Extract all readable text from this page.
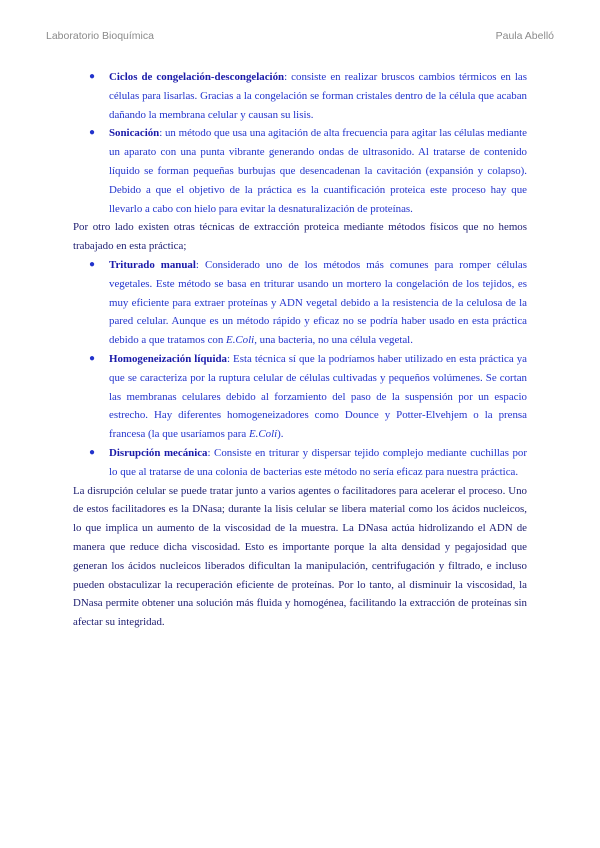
Laboratorio Bioquímica	Paula Abelló
● Ciclos de congelación-descongelación: consiste en realizar bruscos cambios térmicos en las células para lisarlas. Gracias a la congelación se forman cristales dentro de la célula que acaban dañando la membrana celular y causan su lisis.
● Sonicación: un método que usa una agitación de alta frecuencia para agitar las células mediante un aparato con una punta vibrante generando ondas de ultrasonido. Al tratarse de contenido líquido se forman pequeñas burbujas que desencadenan la cavitación (expansión y colapso). Debido a que el objetivo de la práctica es la cuantificación proteica este proceso hay que llevarlo a cabo con hielo para evitar la desnaturalización de proteínas.

Por otro lado existen otras técnicas de extracción proteica mediante métodos físicos que no hemos trabajado en esta práctica;

● Triturado manual: Considerado uno de los métodos más comunes para romper células vegetales. Este método se basa en triturar usando un mortero la congelación de los tejidos, es muy eficiente para extraer proteínas y ADN vegetal debido a la resistencia de la celulosa de la pared celular. Aunque es un método rápido y eficaz no se podría haber usado en esta práctica debido a que tratamos con E.Coli, una bacteria, no una célula vegetal.
● Homogeneización líquida: Esta técnica sí que la podríamos haber utilizado en esta práctica ya que se caracteriza por la ruptura celular de células cultivadas y pequeños volúmenes. Se cortan las membranas celulares debido al forzamiento del paso de la suspensión por un espacio estrecho. Hay diferentes homogeneizadores como Dounce y Potter-Elvehjem o la prensa francesa (la que usaríamos para E.Coli).
● Disrupción mecánica: Consiste en triturar y dispersar tejido complejo mediante cuchillas por lo que al tratarse de una colonia de bacterias este método no sería eficaz para nuestra práctica.

La disrupción celular se puede tratar junto a varios agentes o facilitadores para acelerar el proceso. Uno de estos facilitadores es la DNasa; durante la lisis celular se libera material como los ácidos nucleicos, lo que implica un aumento de la viscosidad de la muestra. La DNasa actúa hidrolizando el ADN de manera que reduce dicha viscosidad. Esto es importante porque la alta densidad y pegajosidad que generan los ácidos nucleicos liberados dificultan la manipulación, centrifugación y filtrado, e incluso pueden obstaculizar la recuperación eficiente de proteínas. Por lo tanto, al disminuir la viscosidad, la DNasa permite obtener una solución más fluida y homogénea, facilitando la extracción de proteínas sin afectar su integridad.
